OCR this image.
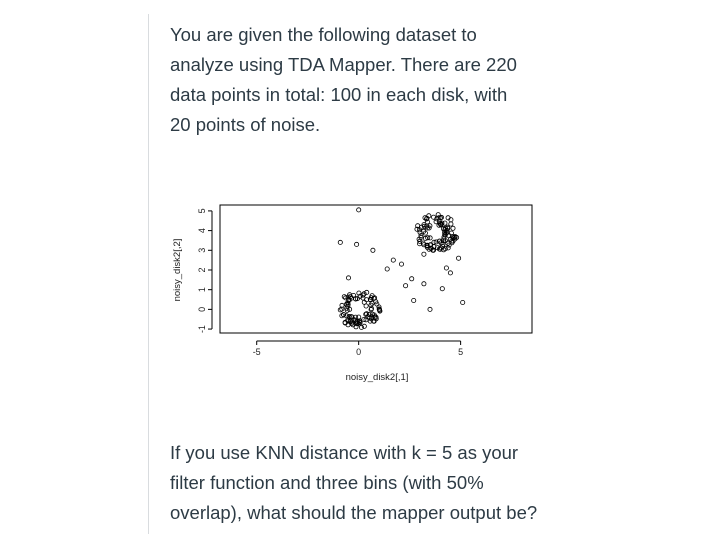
You are given the following dataset to
analyze using TDA Mapper. There are 220
data points in total: 100 in each disk, with
20 points of noise.

-5	0	5
-1
0
1
2
3
4
5
noisy_disk2[,1]
noisy_disk2[,2]

If you use KNN distance with k = 5 as your
filter function and three bins (with 50%
overlap), what should the mapper output be?
